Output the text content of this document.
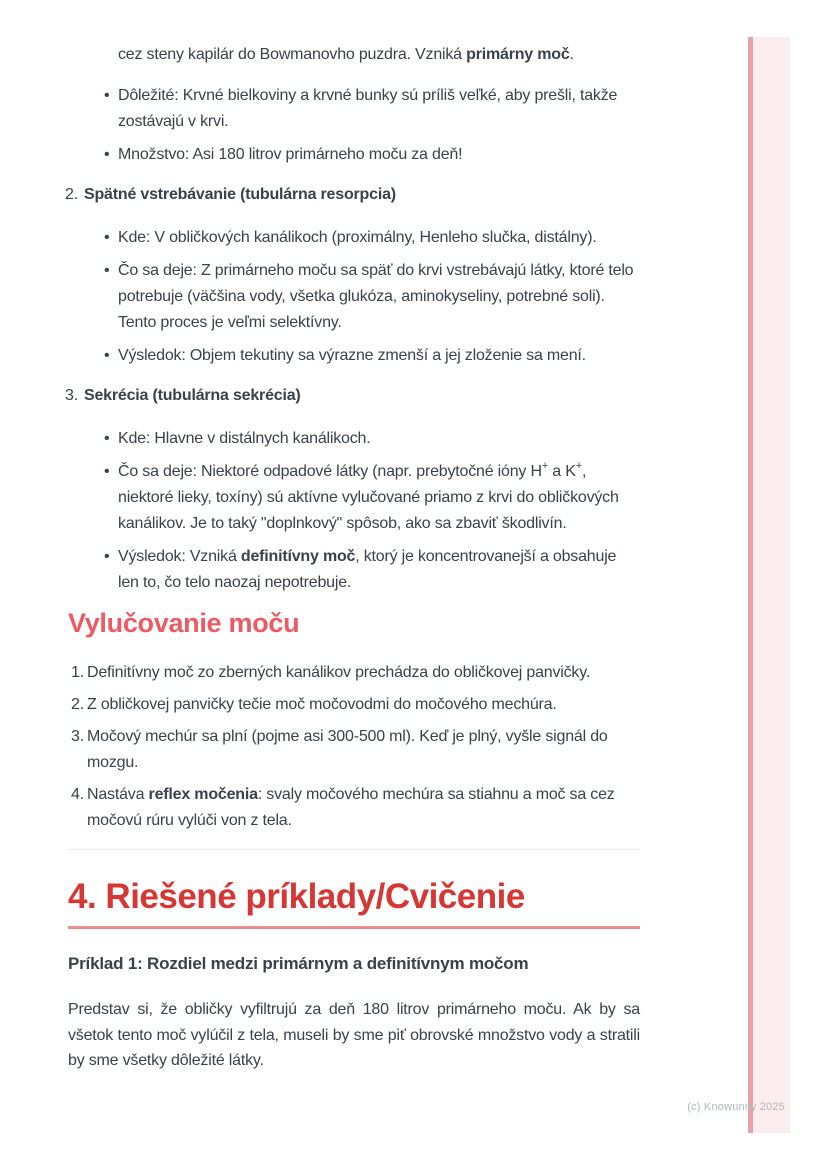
cez steny kapilár do Bowmanovho puzdra. Vzniká primárny moč.

• Dôležité: Krvné bielkoviny a krvné bunky sú príliš veľké, aby prešli, takže zostávajú v krvi.
• Množstvo: Asi 180 litrov primárneho moču za deň!
2. Spätné vstrebávanie (tubulárna resorpcia)
• Kde: V obličkových kanálikoch (proximálny, Henleho slučka, distálny).
• Čo sa deje: Z primárneho moču sa späť do krvi vstrebávajú látky, ktoré telo potrebuje (väčšina vody, všetka glukóza, aminokyseliny, potrebné soli). Tento proces je veľmi selektívny.
• Výsledok: Objem tekutiny sa výrazne zmenší a jej zloženie sa mení.
3. Sekrécia (tubulárna sekrécia)
• Kde: Hlavne v distálnych kanálikoch.
• Čo sa deje: Niektoré odpadové látky (napr. prebytočné ióny H+ a K+, niektoré lieky, toxíny) sú aktívne vylučované priamo z krvi do obličkových kanálikov. Je to taký "doplnkový" spôsob, ako sa zbaviť škodlivín.
• Výsledok: Vzniká definitívny moč, ktorý je koncentrovanejší a obsahuje len to, čo telo naozaj nepotrebuje.
Vylučovanie moču
1. Definitívny moč zo zberných kanálikov prechádza do obličkovej panvičky.
2. Z obličkovej panvičky tečie moč močovodmi do močového mechúra.
3. Močový mechúr sa plní (pojme asi 300-500 ml). Keď je plný, vyšle signál do mozgu.
4. Nastáva reflex močenia: svaly močového mechúra sa stiahnu a moč sa cez močovú rúru vylúči von z tela.
4. Riešené príklady/Cvičenie
Príklad 1: Rozdiel medzi primárnym a definitívnym močom

Predstav si, že obličky vyfiltrujú za deň 180 litrov primárneho moču. Ak by sa všetok tento moč vylúčil z tela, museli by sme piť obrovské množstvo vody a stratili by sme všetky dôležité látky.

(c) Knowunity 2025
